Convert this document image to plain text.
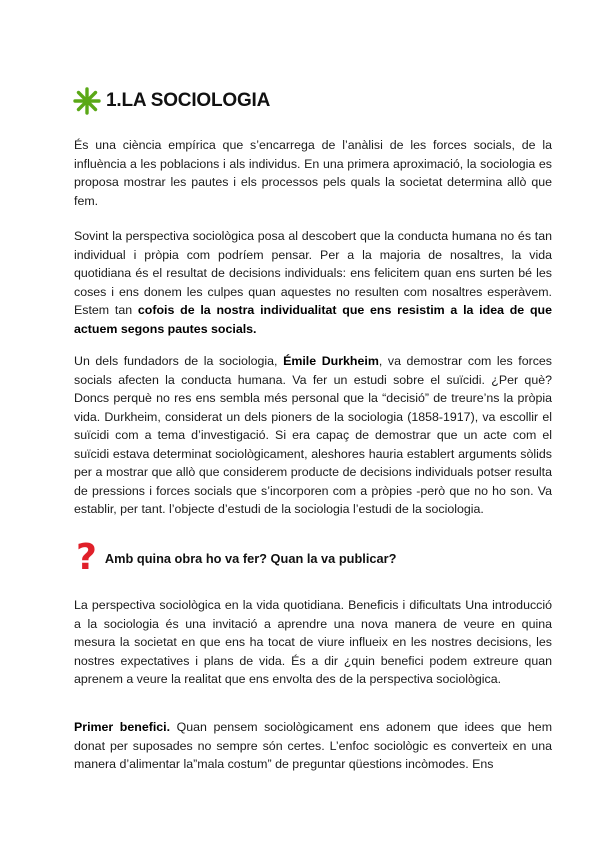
1.LA SOCIOLOGIA

És una ciència empírica que s’encarrega de l’anàlisi de les forces socials, de la influència a les poblacions i als individus. En una primera aproximació, la sociologia es proposa mostrar les pautes i els processos pels quals la societat determina allò que fem.

Sovint la perspectiva sociològica posa al descobert que la conducta humana no és tan individual i pròpia com podríem pensar. Per a la majoria de nosaltres, la vida quotidiana és el resultat de decisions individuals: ens felicitem quan ens surten bé les coses i ens donem les culpes quan aquestes no resulten com nosaltres esperàvem. Estem tan cofois de la nostra individualitat que ens resistim a la idea de que actuem segons pautes socials.

Un dels fundadors de la sociologia, Émile Durkheim, va demostrar com les forces socials afecten la conducta humana. Va fer un estudi sobre el suïcidi. ¿Per què? Doncs perquè no res ens sembla més personal que la “decisió” de treure’ns la pròpia vida. Durkheim, considerat un dels pioners de la sociologia (1858-1917), va escollir el suïcidi com a tema d’investigació. Si era capaç de demostrar que un acte com el suïcidi estava determinat sociològicament, aleshores hauria establert arguments sòlids per a mostrar que allò que considerem producte de decisions individuals potser resulta de pressions i forces socials que s’incorporen com a pròpies -però que no ho son. Va establir, per tant. l’objecte d’estudi de la sociologia l’estudi de la sociologia.

? Amb quina obra ho va fer? Quan la va publicar?

La perspectiva sociològica en la vida quotidiana. Beneficis i dificultats Una introducció a la sociologia és una invitació a aprendre una nova manera de veure en quina mesura la societat en que ens ha tocat de viure influeix en les nostres decisions, les nostres expectatives i plans de vida. És a dir ¿quin benefici podem extreure quan aprenem a veure la realitat que ens envolta des de la perspectiva sociològica.

Primer benefici. Quan pensem sociològicament ens adonem que idees que hem donat per suposades no sempre són certes. L’enfoc sociològic es converteix en una manera d’alimentar la”mala costum” de preguntar qüestions incòmodes. Ens
